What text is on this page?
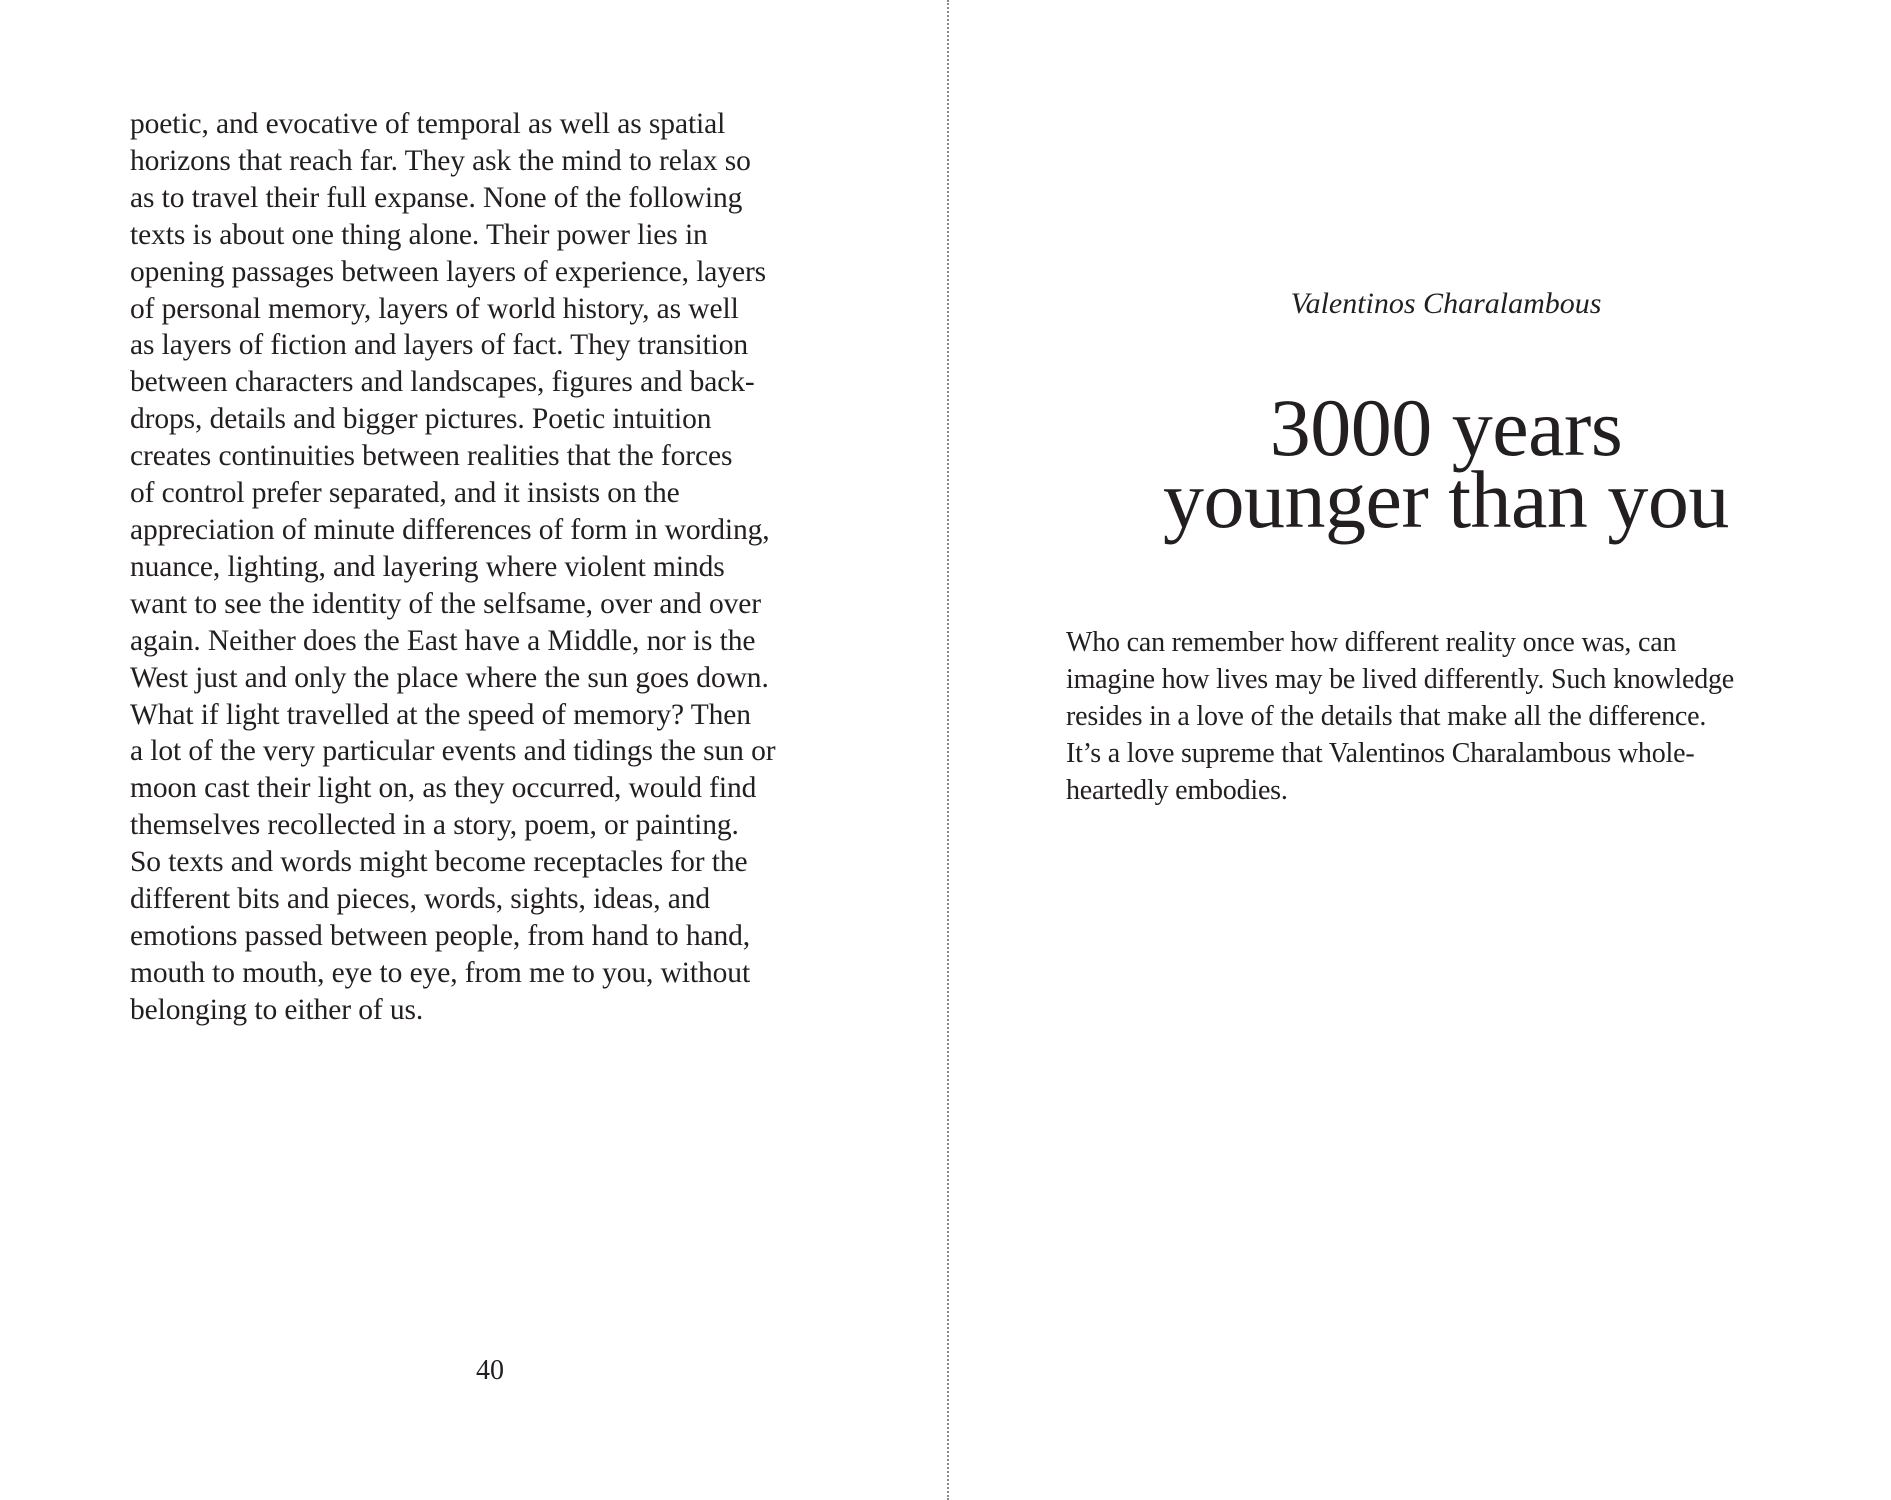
poetic, and evocative of temporal as well as spatial
horizons that reach far. They ask the mind to relax so
as to travel their full expanse. None of the following
texts is about one thing alone. Their power lies in
opening passages between layers of experience, layers
of personal memory, layers of world history, as well
as layers of fiction and layers of fact. They transition
between characters and landscapes, figures and back-
drops, details and bigger pictures. Poetic intuition
creates continuities between realities that the forces
of control prefer separated, and it insists on the
appreciation of minute differences of form in wording,
nuance, lighting, and layering where violent minds
want to see the identity of the selfsame, over and over
again. Neither does the East have a Middle, nor is the
West just and only the place where the sun goes down.
What if light travelled at the speed of memory? Then
a lot of the very particular events and tidings the sun or
moon cast their light on, as they occurred, would find
themselves recollected in a story, poem, or painting.
So texts and words might become receptacles for the
different bits and pieces, words, sights, ideas, and
emotions passed between people, from hand to hand,
mouth to mouth, eye to eye, from me to you, without
belonging to either of us.

40
Valentinos Charalambous
3000 years
younger than you

Who can remember how different reality once was, can
imagine how lives may be lived differently. Such knowledge
resides in a love of the details that make all the difference.
It’s a love supreme that Valentinos Charalambous whole-
heartedly embodies.
